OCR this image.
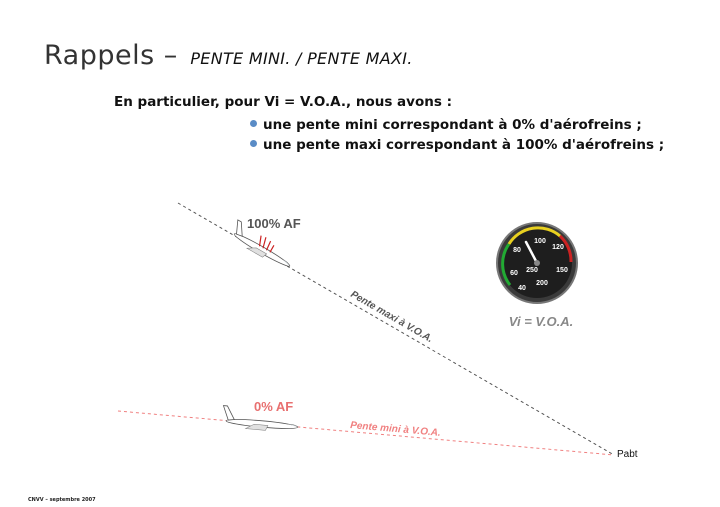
Rappels – PENTE MINI. / PENTE MAXI.
En particulier, pour Vi = V.O.A., nous avons :
une pente mini correspondant à 0% d'aérofreins ;
une pente maxi correspondant à 100% d'aérofreins ;
100% AF
0% AF
Pente maxi à V.O.A.
Pente mini à V.O.A.
Pabt
100
120
150
200
250
60
40
80
Vi = V.O.A.
CNVV – septembre 2007
